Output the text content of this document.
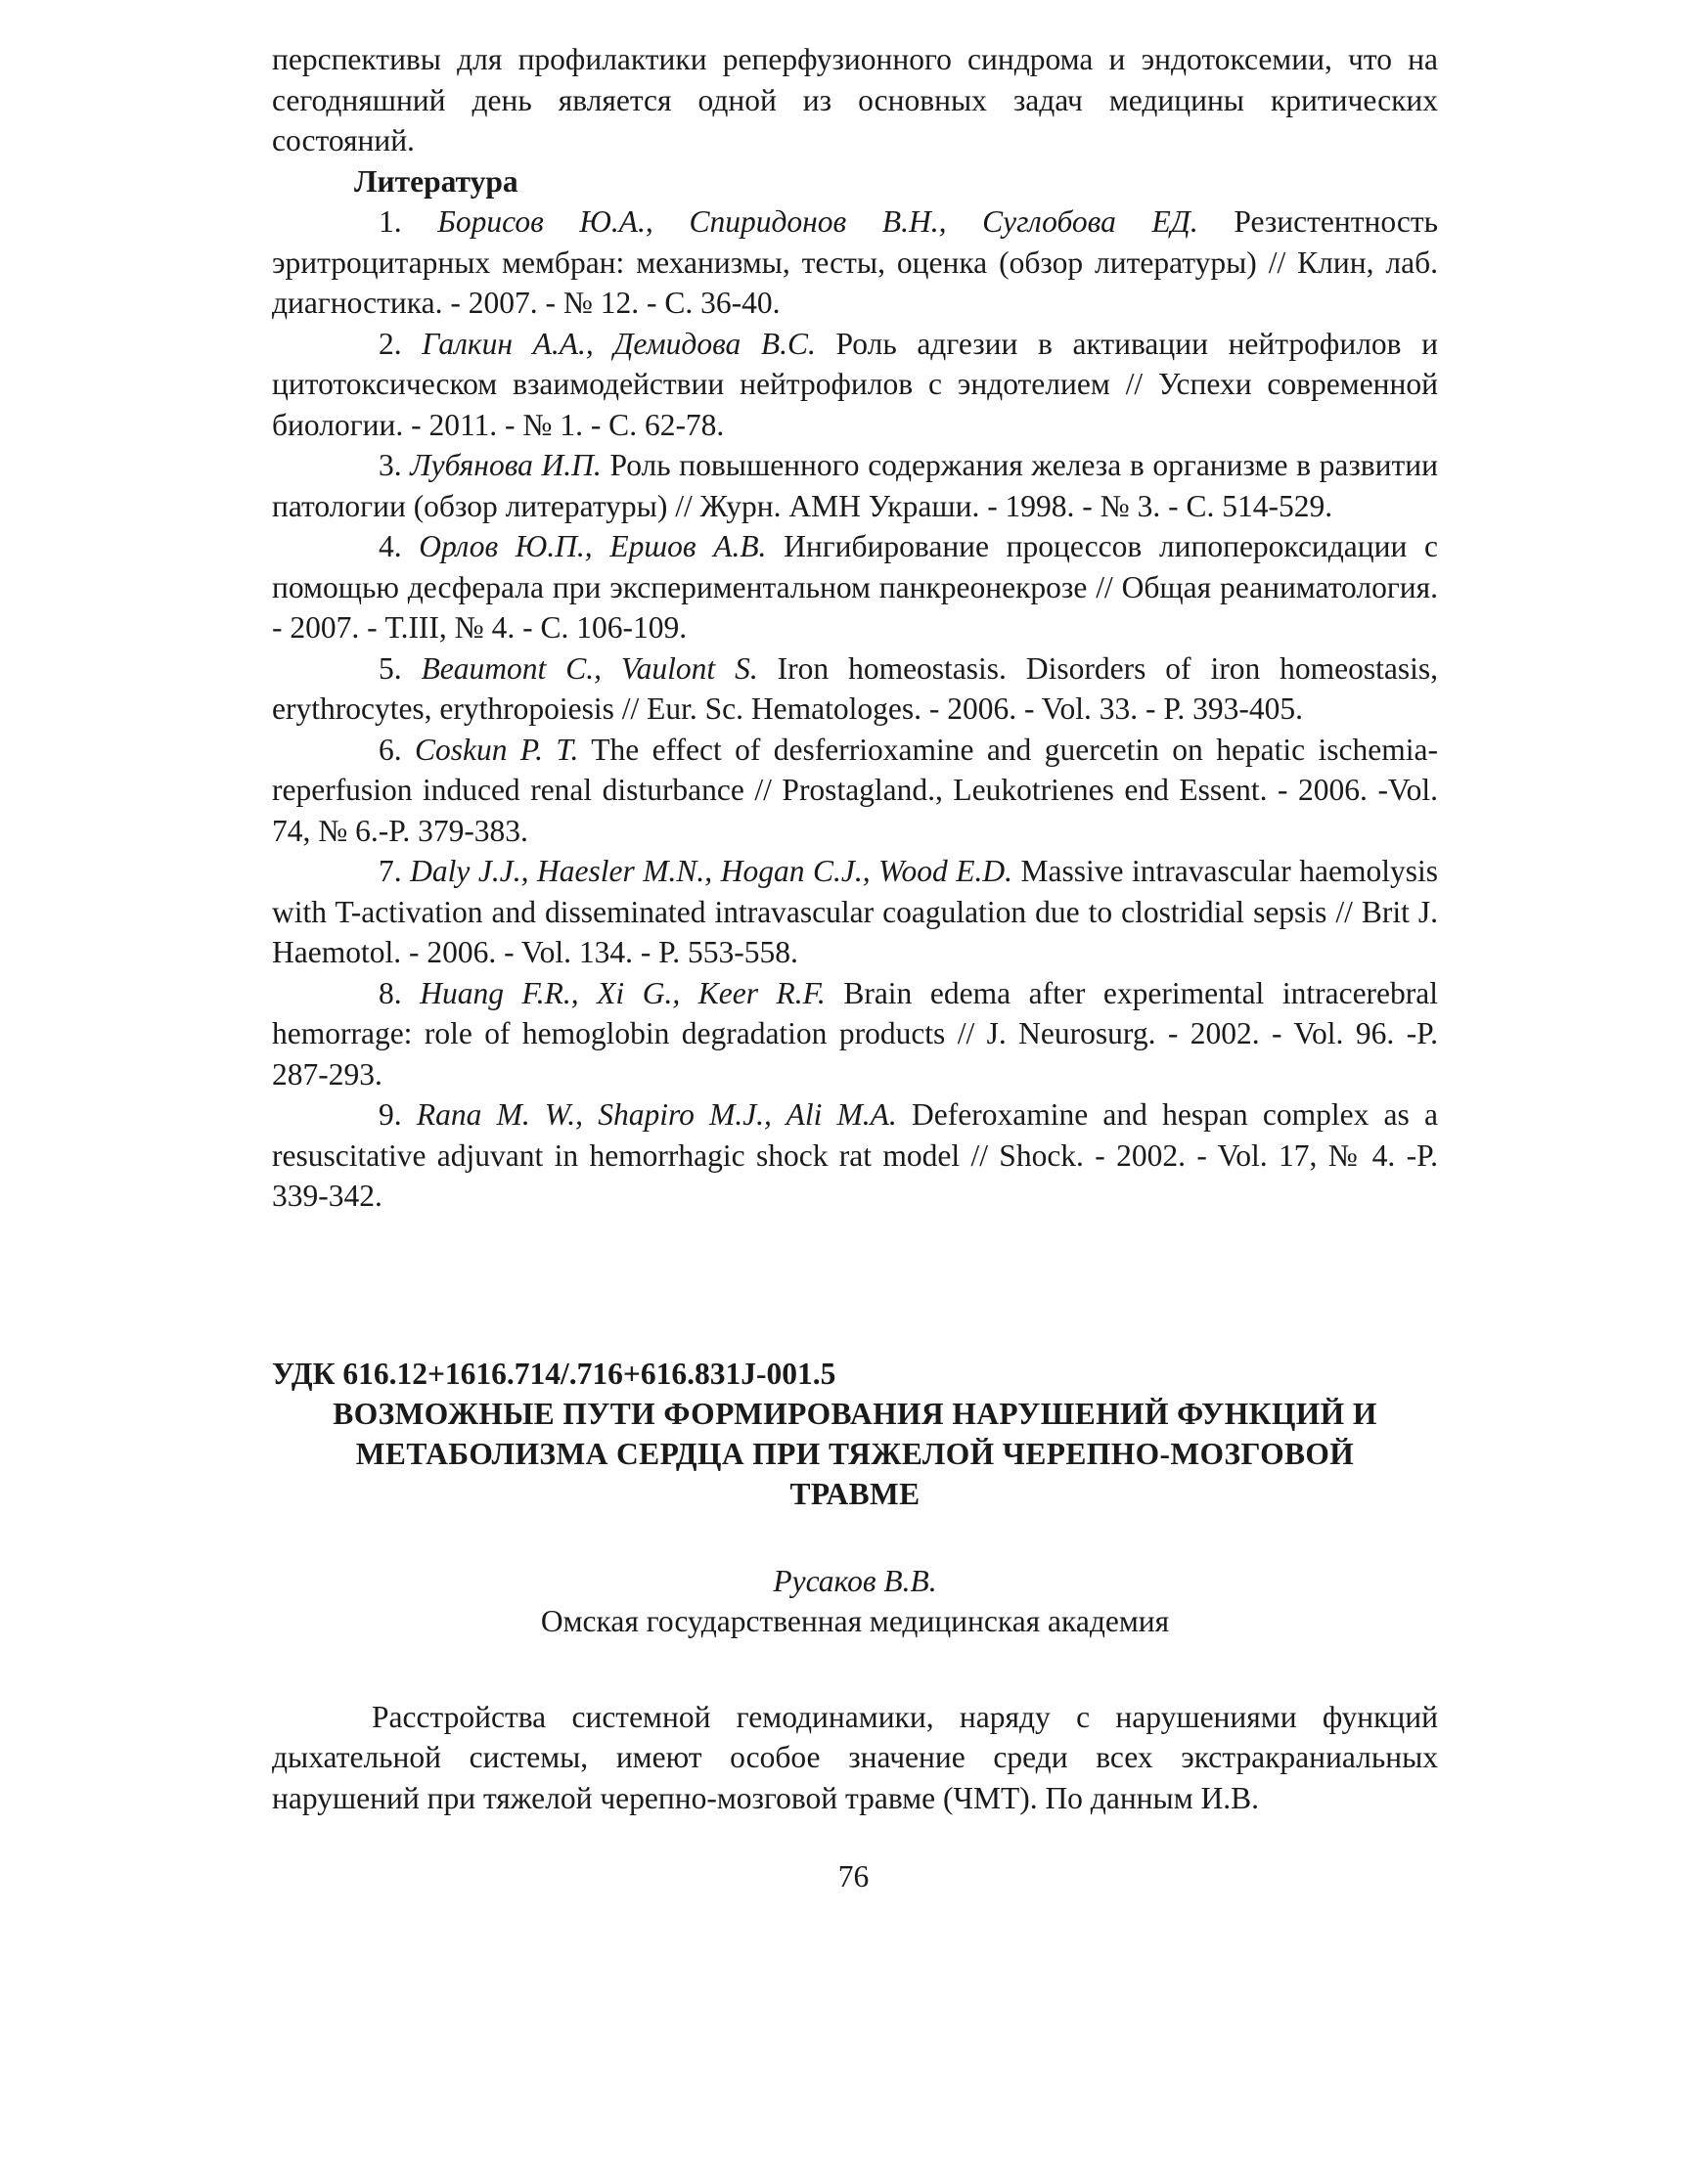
перспективы для профилактики реперфузионного синдрома и эндотоксемии, что на сегодняшний день является одной из основных задач медицины критических состояний.

Литература

1. Борисов Ю.А., Спиридонов В.Н., Суглобова ЕД. Резистентность эритроцитарных мембран: механизмы, тесты, оценка (обзор литературы) // Клин, лаб. диагностика. - 2007. - № 12. - С. 36-40.

2. Галкин А.А., Демидова В.С. Роль адгезии в активации нейтрофилов и цитотоксическом взаимодействии нейтрофилов с эндотелием // Успехи современной биологии. - 2011. - № 1. - С. 62-78.

3. Лубянова И.П. Роль повышенного содержания железа в организме в развитии патологии (обзор литературы) // Журн. АМН Украши. - 1998. - № 3. - С. 514-529.

4. Орлов Ю.П., Ершов А.В. Ингибирование процессов липопероксидации с помощью десферала при экспериментальном панкреонекрозе // Общая реаниматология. - 2007. - Т.III, № 4. - С. 106-109.

5. Beaumont С., Vaulont S. Iron homeostasis. Disorders of iron homeostasis, erythrocytes, erythropoiesis // Eur. Sc. Hematologes. - 2006. - Vol. 33. - P. 393-405.

6. Coskun P. T. The effect of desferrioxamine and guercetin on hepatic ischemia-reperfusion induced renal disturbance // Prostagland., Leukotrienes end Essent. - 2006. -Vol. 74, № 6.-P. 379-383.

7. Daly J.J., Haesler M.N., Hogan C.J., Wood E.D. Massive intravascular haemolysis with T-activation and disseminated intravascular coagulation due to clostridial sepsis // Brit J. Haemotol. - 2006. - Vol. 134. - P. 553-558.

8. Huang F.R., Xi G., Keer R.F. Brain edema after experimental intracerebral hemorrage: role of hemoglobin degradation products // J. Neurosurg. - 2002. - Vol. 96. -P. 287-293.

9. Rana M. W., Shapiro M.J., Ali M.A. Deferoxamine and hespan complex as a resuscitative adjuvant in hemorrhagic shock rat model // Shock. - 2002. - Vol. 17, № 4. -P. 339-342.

УДК 616.12+1616.714/.716+616.831J-001.5
ВОЗМОЖНЫЕ ПУТИ ФОРМИРОВАНИЯ НАРУШЕНИЙ ФУНКЦИЙ И
МЕТАБОЛИЗМА СЕРДЦА ПРИ ТЯЖЕЛОЙ ЧЕРЕПНО-МОЗГОВОЙ
ТРАВМЕ
Русаков В.В.
Омская государственная медицинская академия

Расстройства системной гемодинамики, наряду с нарушениями функций дыхательной системы, имеют особое значение среди всех экстракраниальных нарушений при тяжелой черепно-мозговой травме (ЧМТ). По данным И.В.

76
